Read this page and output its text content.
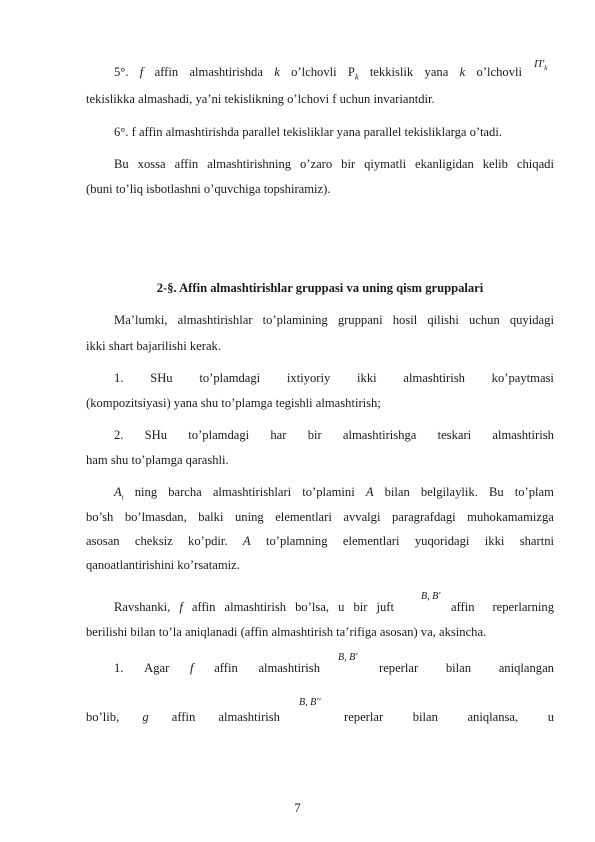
5°. f affin almashtirishda k o’lchovli $P_k$ tekkislik yana k o’lchovli
$\Pi'_k$
tekislikka almashadi, ya’ni tekislikning o’lchovi f uchun invariantdir.
6°. f affin almashtirishda parallel tekisliklar yana parallel tekisliklarga o’tadi.
Bu xossa affin almashtirishning o’zaro bir qiymatli ekanligidan kelib chiqadi
(buni to’liq isbotlashni o’quvchiga topshiramiz).
2-§. Affin almashtirishlar gruppasi va uning qism gruppalari
Ma’lumki, almashtirishlar to’plamining gruppani hosil qilishi uchun quyidagi
ikki shart bajarilishi kerak.
1. SHu to’plamdagi ixtiyoriy ikki almashtirish ko’paytmasi
(kompozitsiyasi) yana shu to’plamga tegishli almashtirish;
2. SHu to’plamdagi har bir almashtirishga teskari almashtirish
ham shu to’plamga qarashli.
$A_t$ ning barcha almashtirishlari to’plamini A bilan belgilaylik. Bu to’plam
bo’sh bo’lmasdan, balki uning elementlari avvalgi paragrafdagi muhokamamizga
asosan cheksiz ko’pdir. A to’plamning elementlari yuqoridagi ikki shartni
qanoatlantirishini ko’rsatamiz.
Ravshanki, f affin almashtirish bo’lsa, u bir juft
B, B'
affin reperlarning
berilishi bilan to’la aniqlanadi (affin almashtirish ta’rifiga asosan) va, aksincha.
1. Agar f affin almashtirish
B, B'
reperlar bilan aniqlangan
bo’lib, g affin almashtirish
B, B''
reperlar bilan aniqlansa, u
7
